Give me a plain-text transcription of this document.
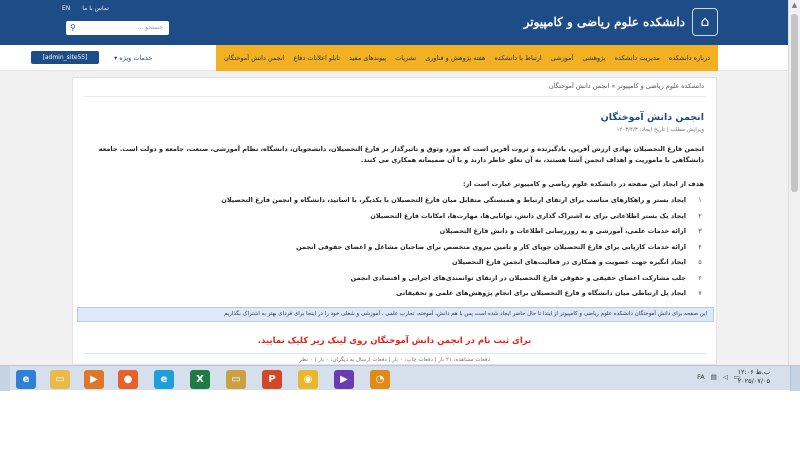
EN تماس با ما
⌂
دانشکده علوم ریاضی و کامپیوتر
جستجو ...
⚲
درباره دانشکده
مدیریت دانشکده
پژوهشی
آموزشی
ارتباط با دانشکده
هفته پژوهش و فناوری
نشریات
پیوندهای مفید
تابلو اعلانات دفاع
انجمن دانش آموختگان
خدمات ویژه ▾
[admin_site55]
دانشکده علوم ریاضی و کامپیوتر » انجمن دانش آموختگان
انجمن دانش آموختگان
ویرایش مطلب | تاریخ ایجاد: ۱۴۰۳/۴/۳
انجمن فارغ التحصیلان نهادی ارزش آفرین، یادگیرنده و ثروت آفرین است که مورد وثوق و تاثیرگذار بر فارغ التحصیلان، دانشجویان، دانشگاه، نظام آموزشی، صنعت، جامعه و دولت است. جامعه دانشگاهی با ماموریت و اهداف انجمن آشنا هستند، به آن تعلق خاطر دارند و با آن صمیمانه همکاری می کنند.
هدف از ایجاد این صفحه در دانشکده علوم ریاضی و کامپیوتر عبارت است از:
۱
ایجاد بستر و راهکارهای مناسب برای ارتقای ارتباط و همبستگی متقابل میان فارغ التحصیلان با یکدیگر، با اساتید، دانشگاه و انجمن فارغ التحصیلان
۲
ایجاد یک بستر اطلاعاتی برای به اشتراک گذاری دانش، توانایی‌ها، مهارت‌ها، امکانات فارغ التحصیلان
۳
ارائه خدمات علمی، آموزشی و به روزرسانی اطلاعات و دانش فارغ التحصیلان
۴
ارائه خدمات کاریابی برای فارغ التحصیلان جویای کار و تامین نیروی متخصص برای صاحبان مشاغل و اعضای حقوقی انجمن
۵
ایجاد انگیزه جهت عضویت و همکاری در فعالیت‌های انجمن فارغ التحصیلان
۶
جلب مشارکت اعضای حقیقی و حقوقی فارغ التحصیلان در ارتقای توانمندی‌های اجرایی و اقتصادی انجمن
۷
ایجاد پل ارتباطی میان دانشگاه و فارغ التحصیلان برای انجام پژوهش‌های علمی و تحقیقاتی
این صفحه برای دانش آموختگان دانشکده علوم ریاضی و کامپیوتر از ابتدا تا حال حاضر ایجاد شده است پس با هم دانش، آموخته، تجارب علمی ، آموزشی و شغلی خود را در اینجا برای فردای بهتر به اشتراک بگذاریم
برای ثبت نام در انجمن دانش آموختگان روی لینک زیر کلیک نمایید.
دفعات مشاهده: ۲۱ بار | دفعات چاپ: ۰ بار | دفعات ارسال به دیگران: ۰ بار | ۰ نظر
▲
e	▭	▶	●	e	X	▭	P	◉	▶	◔	FA ▤ ◁ ▭
۱۲:۰۶ ب.ظ
۲۰۲۵/۰۷/۰۵
